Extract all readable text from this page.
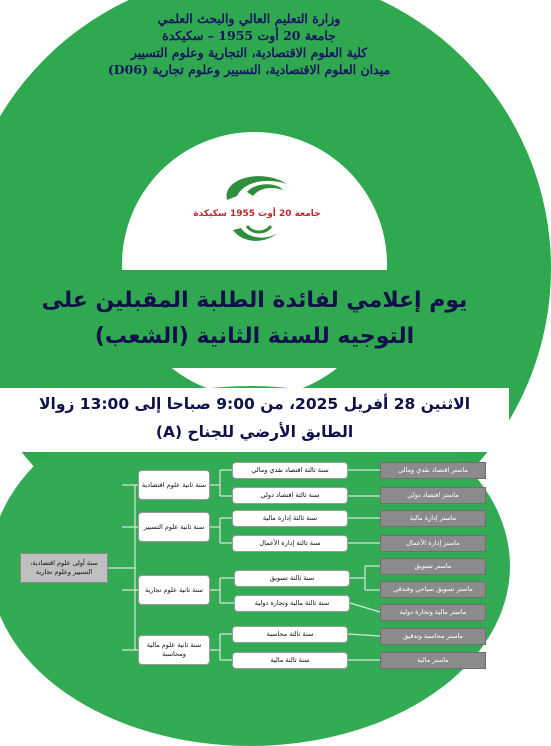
وزارة التعليم العالي والبحث العلمي
جامعة 20 أوت 1955 – سكيكدة
كلية العلوم الاقتصادية، التجارية وعلوم التسيير
ميدان العلوم الاقتصادية، التسيير وعلوم تجارية (D06)
جامعة 20 أوت 1955 سكيكدة
يوم إعلامي لفائدة الطلبة المقبلين على
التوجيه للسنة الثانية (الشعب)
الاثنين 28 أفريل 2025، من 9:00 صباحا إلى 13:00 زوالا
الطابق الأرضي للجناح (A)
سنة أولى علوم اقتصادية، التسيير وعلوم تجارية
سنة ثانية علوم اقتصادية
سنة ثانية علوم التسيير
سنة ثانية علوم تجارية
سنة ثانية علوم مالية ومحاسبة
سنة ثالثة اقتصاد نقدي ومالي
سنة ثالثة اقتصاد دولي
سنة ثالثة إدارة مالية
سنة ثالثة إدارة الأعمال
سنة ثالثة تسويق
سنة ثالثة مالية وتجارة دولية
سنة ثالثة محاسبة
سنة ثالثة مالية
ماستر اقتصاد نقدي ومالي
ماستر اقتصاد دولي
ماستر إدارة مالية
ماستر إدارة الأعمال
ماستر تسويق
ماستر تسويق سياحي وفندقي
ماستر مالية وتجارة دولية
ماستر محاسبة وتدقيق
ماستر مالية
